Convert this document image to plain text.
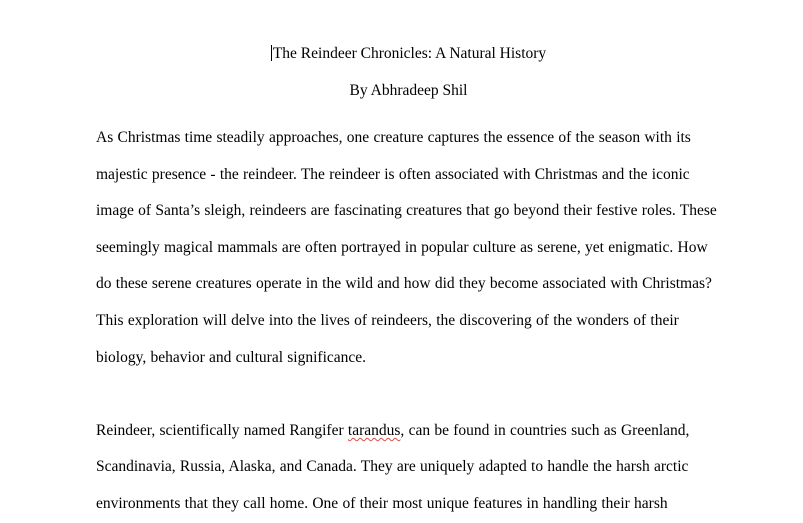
The Reindeer Chronicles: A Natural History
By Abhradeep Shil

As Christmas time steadily approaches, one creature captures the essence of the season with its majestic presence - the reindeer. The reindeer is often associated with Christmas and the iconic image of Santa’s sleigh, reindeers are fascinating creatures that go beyond their festive roles. These seemingly magical mammals are often portrayed in popular culture as serene, yet enigmatic. How do these serene creatures operate in the wild and how did they become associated with Christmas? This exploration will delve into the lives of reindeers, the discovering of the wonders of their biology, behavior and cultural significance.

Reindeer, scientifically named Rangifer tarandus, can be found in countries such as Greenland, Scandinavia, Russia, Alaska, and Canada. They are uniquely adapted to handle the harsh arctic environments that they call home. One of their most unique features in handling their harsh
